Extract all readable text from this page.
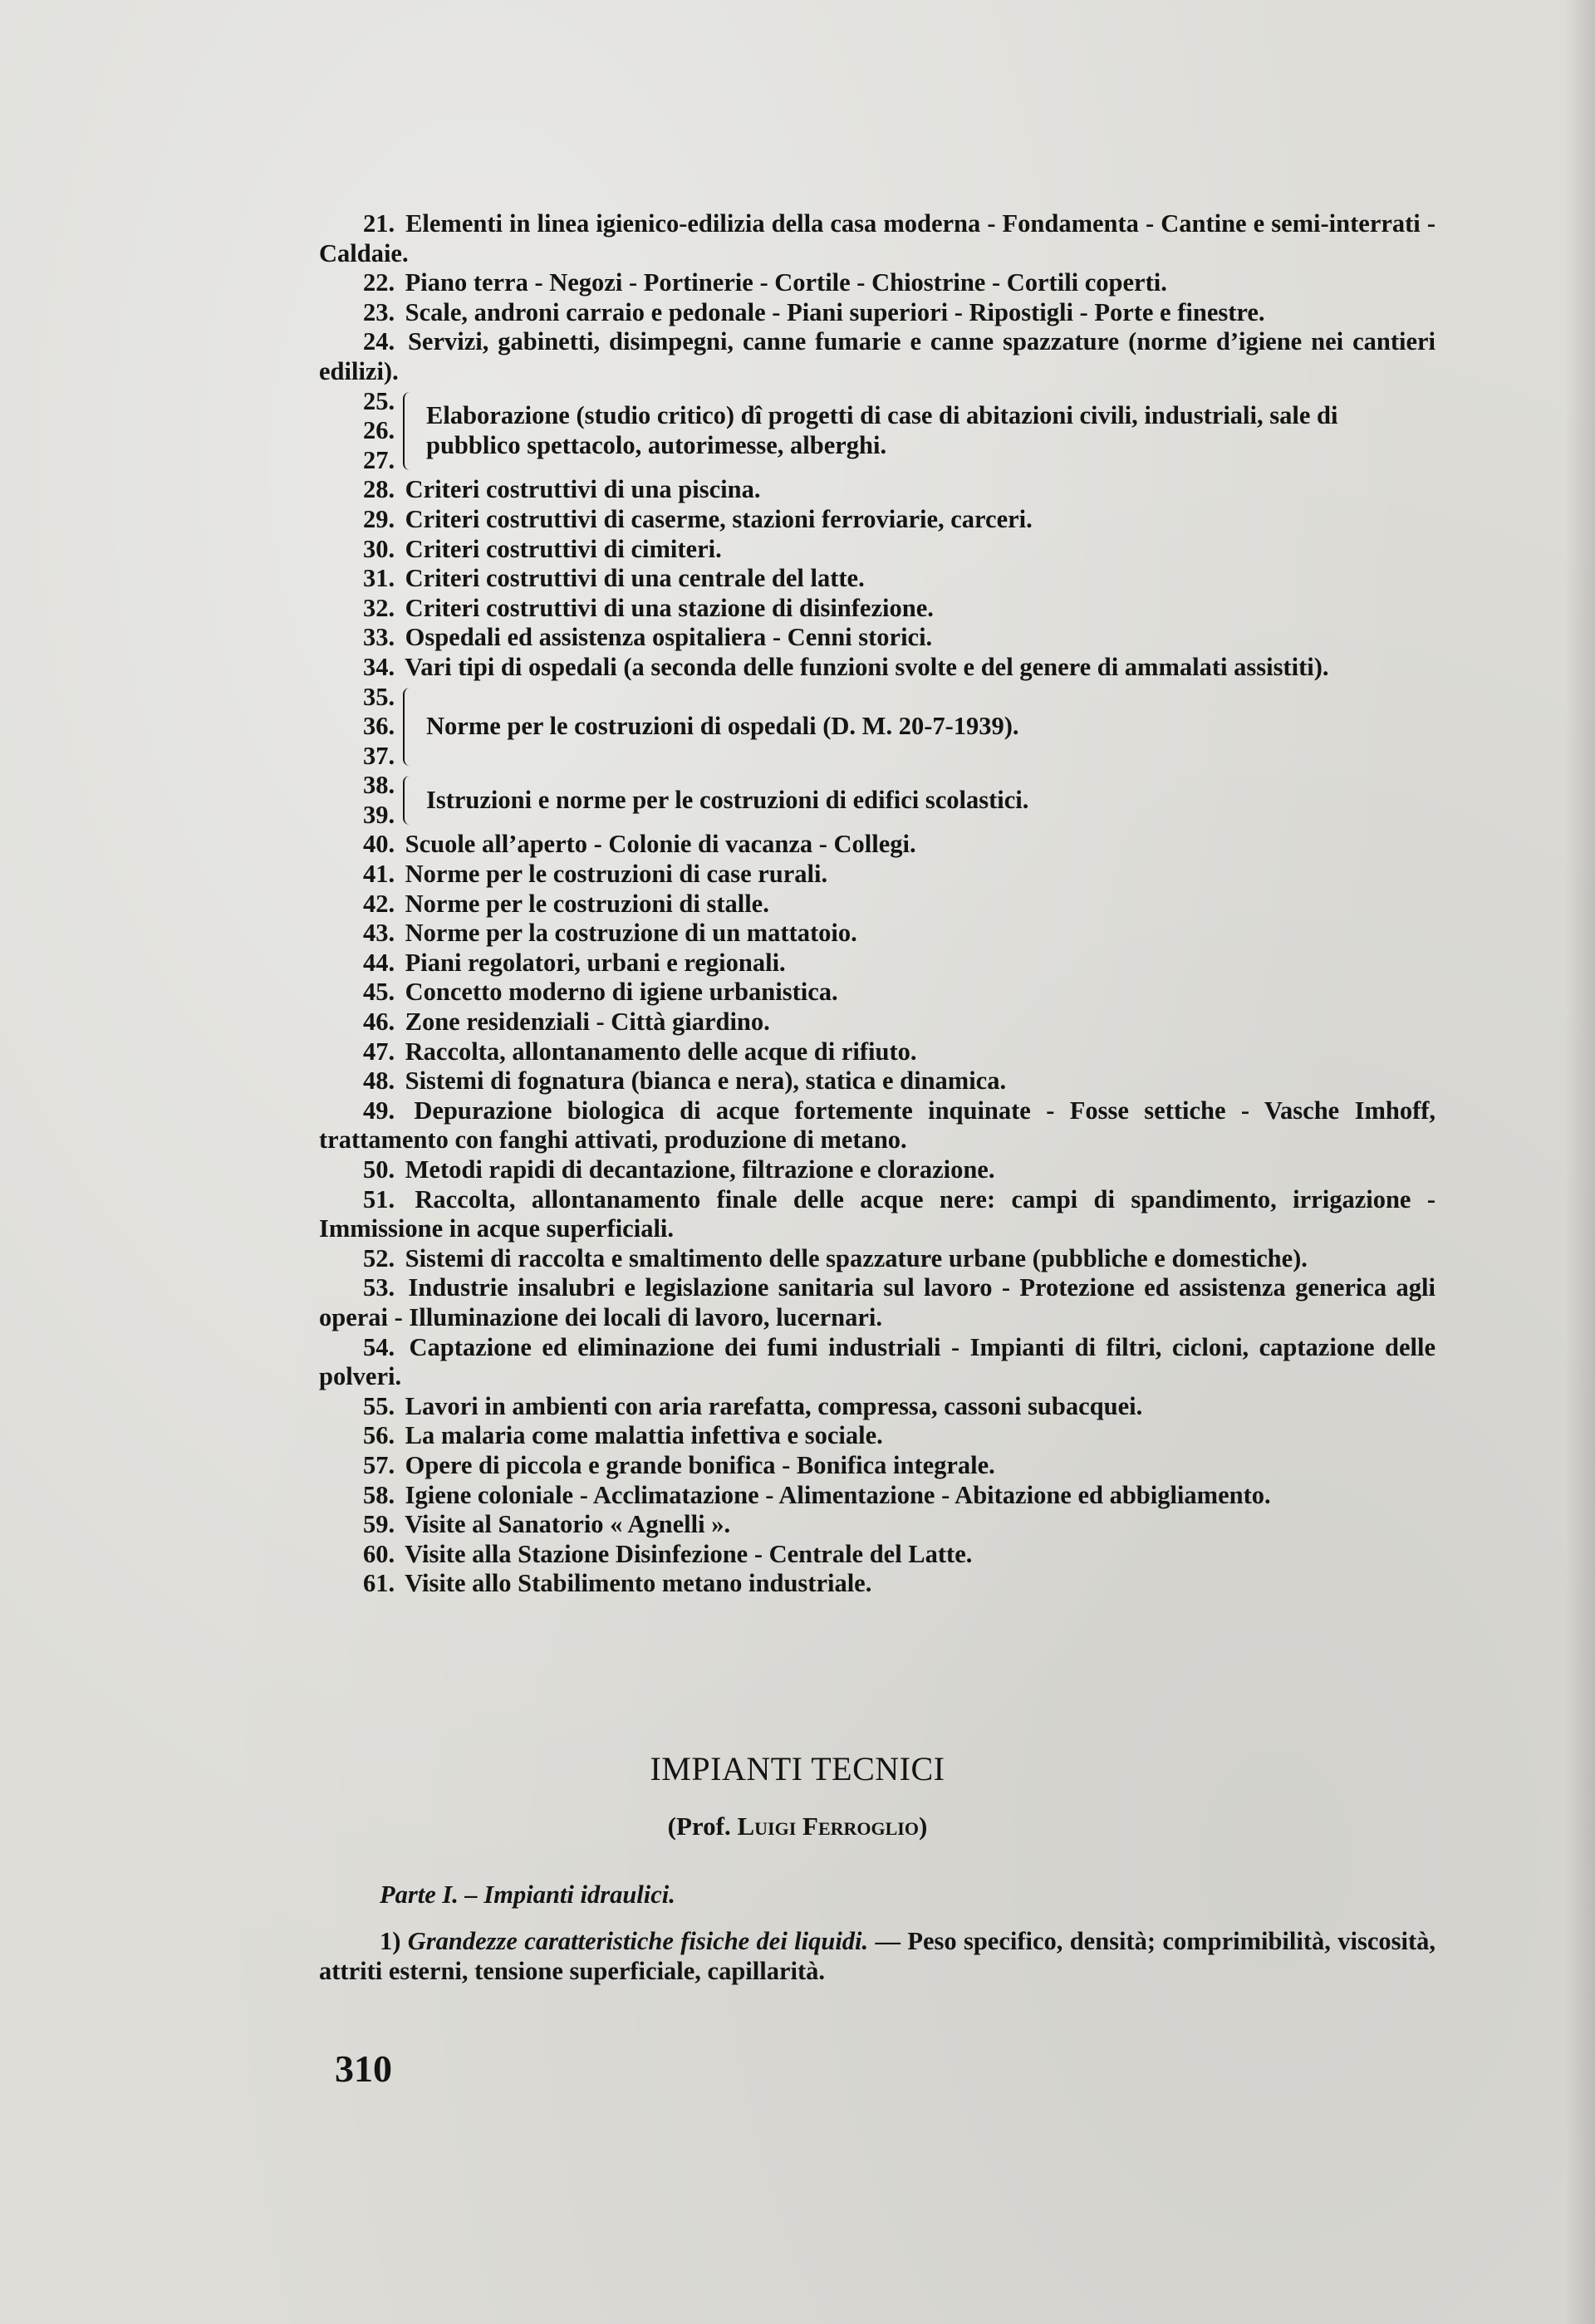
21. Elementi in linea igienico-edilizia della casa moderna - Fondamenta - Cantine e semi-interrati - Caldaie.
22. Piano terra - Negozi - Portinerie - Cortile - Chiostrine - Cortili coperti.
23. Scale, androni carraio e pedonale - Piani superiori - Ripostigli - Porte e finestre.
24. Servizi, gabinetti, disimpegni, canne fumarie e canne spazzature (norme d’igiene nei cantieri edilizi).
25.
26.
27.
Elaborazione (studio critico) dî progetti di case di abitazioni civili, industriali, sale di pubblico spettacolo, autorimesse, alberghi.
28. Criteri costruttivi di una piscina.
29. Criteri costruttivi di caserme, stazioni ferroviarie, carceri.
30. Criteri costruttivi di cimiteri.
31. Criteri costruttivi di una centrale del latte.
32. Criteri costruttivi di una stazione di disinfezione.
33. Ospedali ed assistenza ospitaliera - Cenni storici.
34. Vari tipi di ospedali (a seconda delle funzioni svolte e del genere di ammalati assistiti).
35.
36.
37.
Norme per le costruzioni di ospedali (D. M. 20-7-1939).
38.
39.
Istruzioni e norme per le costruzioni di edifici scolastici.
40. Scuole all’aperto - Colonie di vacanza - Collegi.
41. Norme per le costruzioni di case rurali.
42. Norme per le costruzioni di stalle.
43. Norme per la costruzione di un mattatoio.
44. Piani regolatori, urbani e regionali.
45. Concetto moderno di igiene urbanistica.
46. Zone residenziali - Città giardino.
47. Raccolta, allontanamento delle acque di rifiuto.
48. Sistemi di fognatura (bianca e nera), statica e dinamica.
49. Depurazione biologica di acque fortemente inquinate - Fosse settiche - Vasche Imhoff, trattamento con fanghi attivati, produzione di metano.
50. Metodi rapidi di decantazione, filtrazione e clorazione.
51. Raccolta, allontanamento finale delle acque nere: campi di spandimento, irrigazione - Immissione in acque superficiali.
52. Sistemi di raccolta e smaltimento delle spazzature urbane (pubbliche e domestiche).
53. Industrie insalubri e legislazione sanitaria sul lavoro - Protezione ed assistenza generica agli operai - Illuminazione dei locali di lavoro, lucernari.
54. Captazione ed eliminazione dei fumi industriali - Impianti di filtri, cicloni, captazione delle polveri.
55. Lavori in ambienti con aria rarefatta, compressa, cassoni subacquei.
56. La malaria come malattia infettiva e sociale.
57. Opere di piccola e grande bonifica - Bonifica integrale.
58. Igiene coloniale - Acclimatazione - Alimentazione - Abitazione ed abbigliamento.
59. Visite al Sanatorio « Agnelli ».
60. Visite alla Stazione Disinfezione - Centrale del Latte.
61. Visite allo Stabilimento metano industriale.
IMPIANTI TECNICI
(Prof. Luigi Ferroglio)
Parte I. – Impianti idraulici.
1) Grandezze caratteristiche fisiche dei liquidi. — Peso specifico, densità; comprimibilità, viscosità, attriti esterni, tensione superficiale, capillarità.
310
